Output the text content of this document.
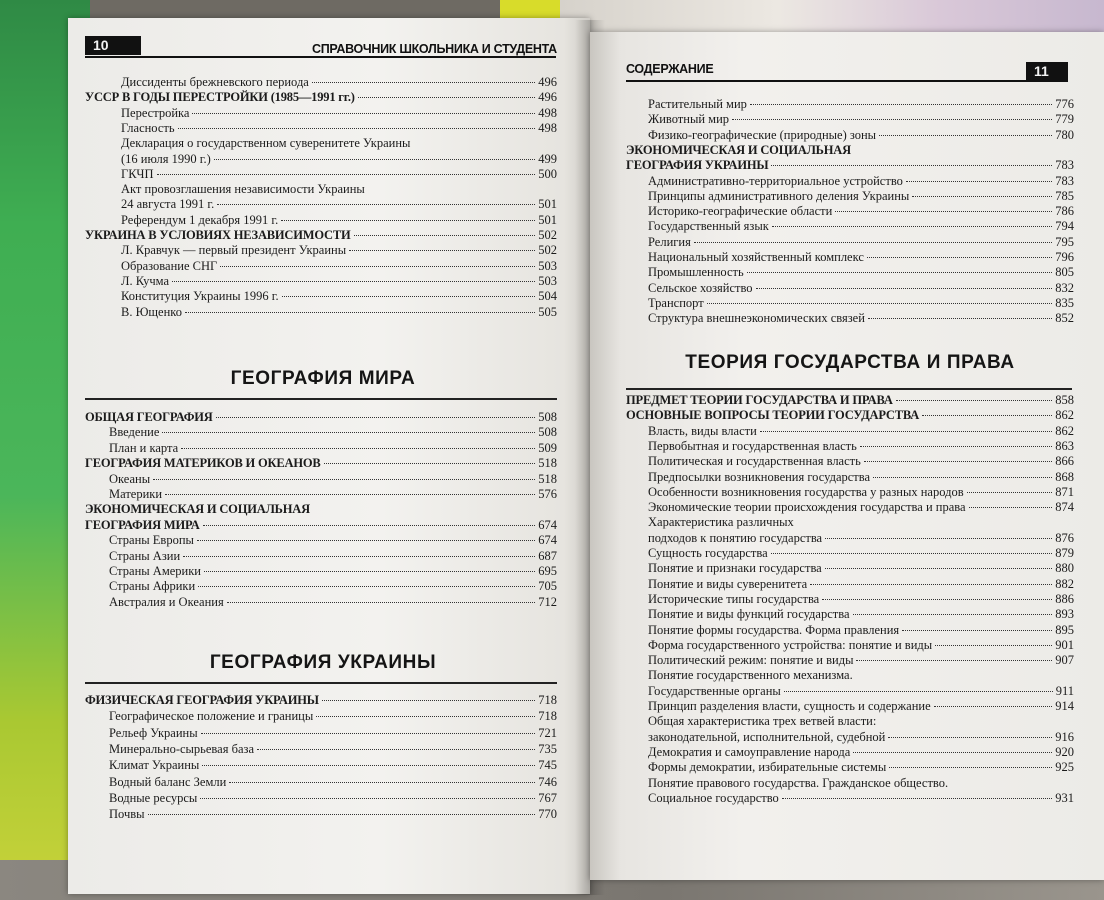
10	СПРАВОЧНИК ШКОЛЬНИКА И СТУДЕНТА
Диссиденты брежневского периода	496
УССР В ГОДЫ ПЕРЕСТРОЙКИ (1985—1991 гг.)	496
Перестройка	498
Гласность	498
Декларация о государственном суверенитете Украины
(16 июля 1990 г.)	499
ГКЧП	500
Акт провозглашения независимости Украины
24 августа 1991 г.	501
Референдум 1 декабря 1991 г.	501
УКРАИНА В УСЛОВИЯХ НЕЗАВИСИМОСТИ	502
Л. Кравчук — первый президент Украины	502
Образование СНГ	503
Л. Кучма	503
Конституция Украины 1996 г.	504
В. Ющенко	505
ГЕОГРАФИЯ МИРА
ОБЩАЯ ГЕОГРАФИЯ	508
Введение	508
План и карта	509
ГЕОГРАФИЯ МАТЕРИКОВ И ОКЕАНОВ	518
Океаны	518
Материки	576
ЭКОНОМИЧЕСКАЯ И СОЦИАЛЬНАЯ
ГЕОГРАФИЯ МИРА	674
Страны Европы	674
Страны Азии	687
Страны Америки	695
Страны Африки	705
Австралия и Океания	712
ГЕОГРАФИЯ УКРАИНЫ
ФИЗИЧЕСКАЯ ГЕОГРАФИЯ УКРАИНЫ	718
Географическое положение и границы	718
Рельеф Украины	721
Минерально-сырьевая база	735
Климат Украины	745
Водный баланс Земли	746
Водные ресурсы	767
Почвы	770
СОДЕРЖАНИЕ	11
Растительный мир	776
Животный мир	779
Физико-географические (природные) зоны	780
ЭКОНОМИЧЕСКАЯ И СОЦИАЛЬНАЯ
ГЕОГРАФИЯ УКРАИНЫ	783
Административно-территориальное устройство	783
Принципы административного деления Украины	785
Историко-географические области	786
Государственный язык	794
Религия	795
Национальный хозяйственный комплекс	796
Промышленность	805
Сельское хозяйство	832
Транспорт	835
Структура внешнеэкономических связей	852
ТЕОРИЯ ГОСУДАРСТВА И ПРАВА
ПРЕДМЕТ ТЕОРИИ ГОСУДАРСТВА И ПРАВА	858
ОСНОВНЫЕ ВОПРОСЫ ТЕОРИИ ГОСУДАРСТВА	862
Власть, виды власти	862
Первобытная и государственная власть	863
Политическая и государственная власть	866
Предпосылки возникновения государства	868
Особенности возникновения государства у разных народов	871
Экономические теории происхождения государства и права	874
Характеристика различных
подходов к понятию государства	876
Сущность государства	879
Понятие и признаки государства	880
Понятие и виды суверенитета	882
Исторические типы государства	886
Понятие и виды функций государства	893
Понятие формы государства. Форма правления	895
Форма государственного устройства: понятие и виды	901
Политический режим: понятие и виды	907
Понятие государственного механизма.
Государственные органы	911
Принцип разделения власти, сущность и содержание	914
Общая характеристика трех ветвей власти:
законодательной, исполнительной, судебной	916
Демократия и самоуправление народа	920
Формы демократии, избирательные системы	925
Понятие правового государства. Гражданское общество.
Социальное государство	931
